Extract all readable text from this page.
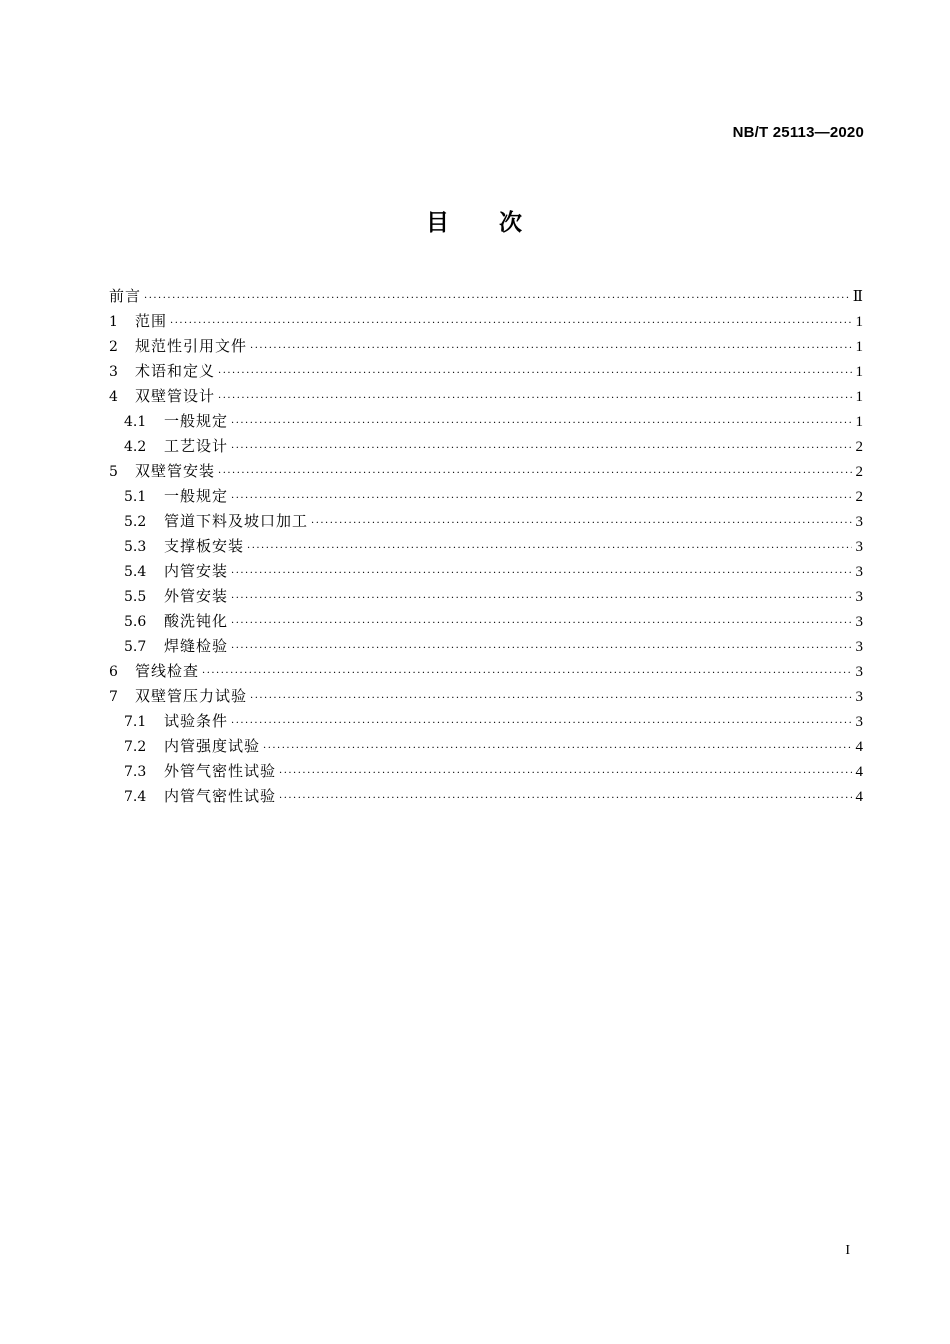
NB/T 25113—2020
目 次
前言 ·····	Ⅱ
1	范围 ·····	1
2	规范性引用文件 ·····	1
3	术语和定义 ·····	1
4	双壁管设计 ·····	1
4.1	一般规定 ·····	1
4.2	工艺设计 ·····	2
5	双壁管安装 ·····	2
5.1	一般规定 ·····	2
5.2	管道下料及坡口加工 ·····	3
5.3	支撑板安装 ·····	3
5.4	内管安装 ·····	3
5.5	外管安装 ·····	3
5.6	酸洗钝化 ·····	3
5.7	焊缝检验 ·····	3
6	管线检查 ·····	3
7	双壁管压力试验 ·····	3
7.1	试验条件 ·····	3
7.2	内管强度试验 ·····	4
7.3	外管气密性试验 ·····	4
7.4	内管气密性试验 ·····	4
I
